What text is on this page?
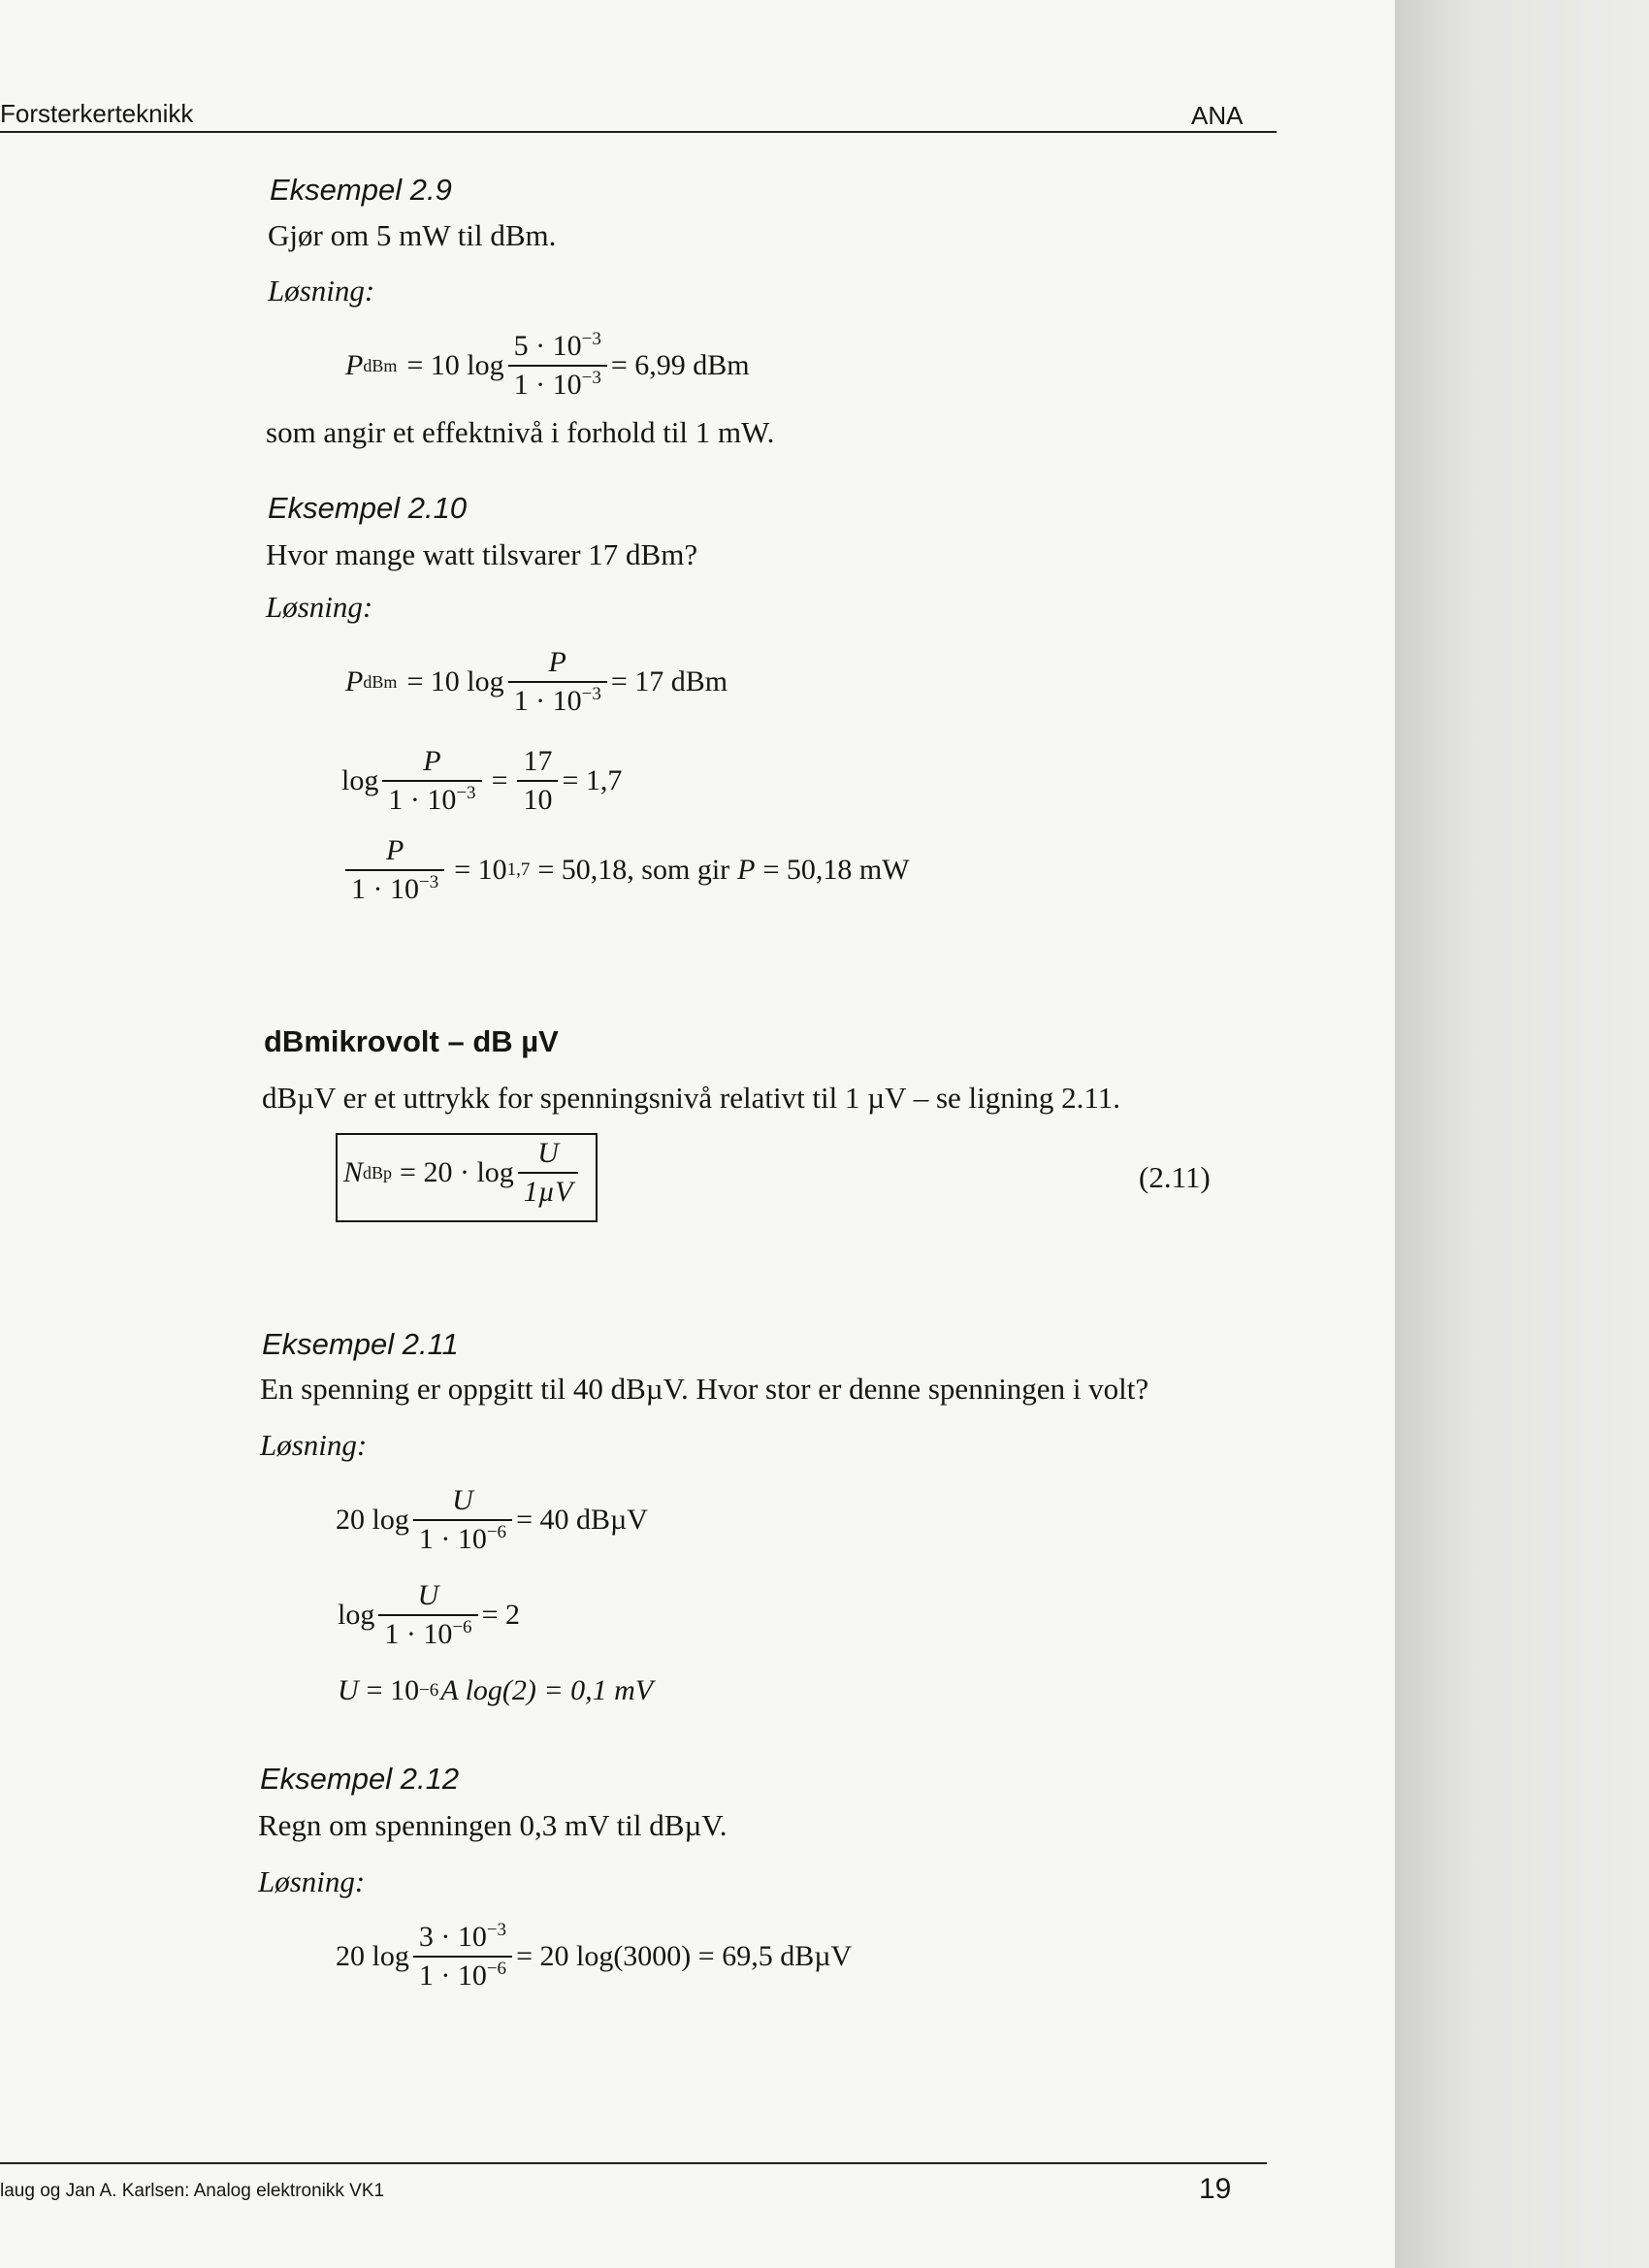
Forsterkerteknikk	ANA
Eksempel 2.9
Gjør om 5 mW til dBm.
Løsning:
P dBm = 10 $\log \frac{5 \cdot 10^{-3}}{1 \cdot 10^{-3}} = 6,99$ dBm
som angir et effektnivå i forhold til 1 mW.
Eksempel 2.10
Hvor mange watt tilsvarer 17 dBm?
Løsning:
P dBm = 10 $\log \frac{P}{1 \cdot 10^{-3}} = 17$ dBm
$\log \frac{P}{1 \cdot 10^{-3}} = \frac{17}{10} = 1,7$
$\frac{P}{1 \cdot 10^{-3}} = 10$ 1,7 = 50,18, som gir P = 50,18 mW
dBmikrovolt – dB µV
dBµV er et uttrykk for spenningsnivå relativt til 1 µV – se ligning 2.11.
N dBp = $20 \cdot \log \frac{U}{\text{1µV}}$	(2.11)
Eksempel 2.11
En spenning er oppgitt til 40 dBµV. Hvor stor er denne spenningen i volt?
Løsning:
20 $\log \frac{U}{1 \cdot 10^{-6}} = 40$ dBµV
$\log \frac{U}{1 \cdot 10^{-6}} = 2$
U = 10 −6 A log(2) = 0,1 mV
Eksempel 2.12
Regn om spenningen 0,3 mV til dBµV.
Løsning:
20 $\log \frac{3 \cdot 10^{-3}}{1 \cdot 10^{-6}} = 20$ log(3000) = 69,5 dBµV
laug og Jan A. Karlsen: Analog elektronikk VK1	19
